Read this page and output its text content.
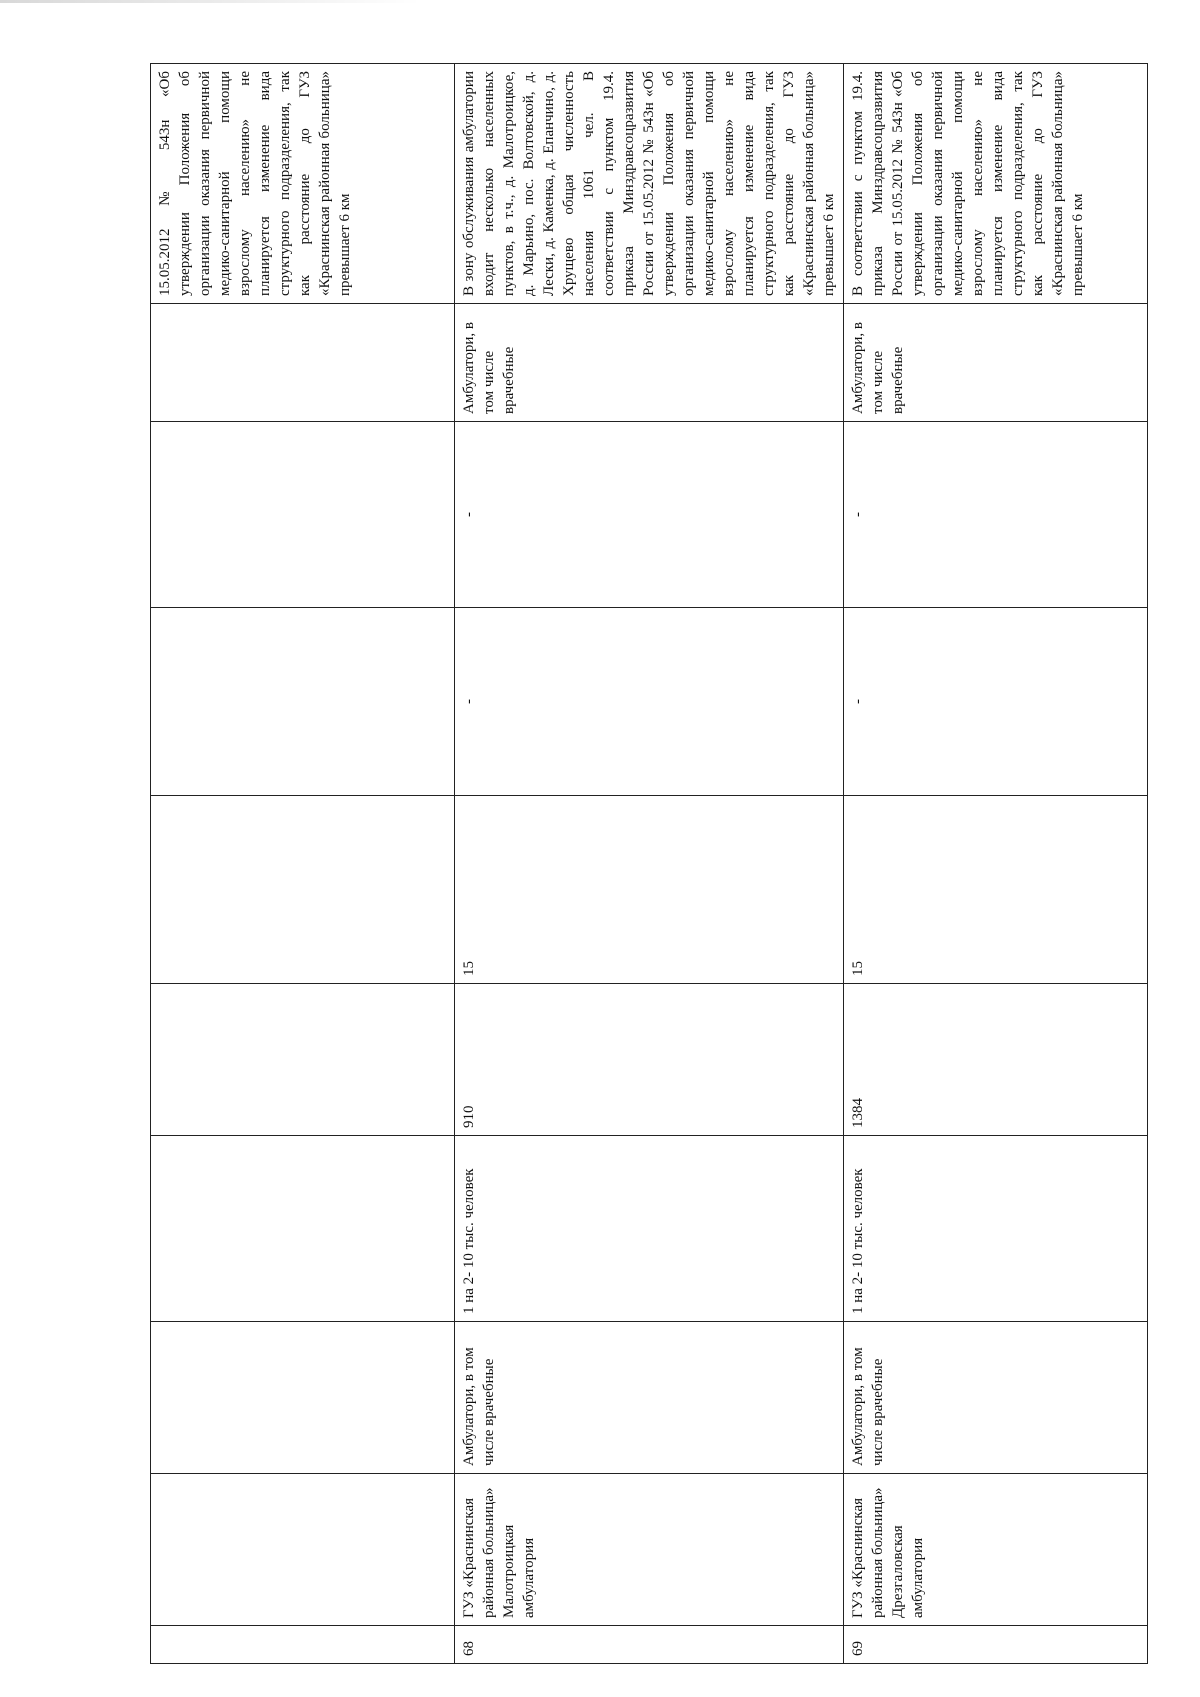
									15.05.2012 № 543н «Об утверждении Положения об организации оказания первичной медико-санитарной помощи взрослому населению» не планируется изменение вида структурного подразделения, так как расстояние до ГУЗ «Краснинская районная больница» превышает 6 км
68	ГУЗ «Краснинская районная больница» Малотроицкая амбулатория	Амбулатори, в том числе врачебные	1 на 2- 10 тыс. человек	910	15	-	-	Амбулатори, в том числе врачебные	В зону обслуживания амбулатории входит несколько населенных пунктов, в т.ч., д. Малотроицкое, д. Марьино, пос. Волтовской, д. Лески, д. Каменка, д. Епанчино, д. Хрущево общая численность населения 1061 чел. В соответствии с пунктом 19.4. приказа Минздравсоцразвития России от 15.05.2012 № 543н «Об утверждении Положения об организации оказания первичной медико-санитарной помощи взрослому населению» не планируется изменение вида структурного подразделения, так как расстояние до ГУЗ «Краснинская районная больница» превышает 6 км
69	ГУЗ «Краснинская районная больница» Дрезгаловская амбулатория	Амбулатори, в том числе врачебные	1 на 2- 10 тыс. человек	1384	15	-	-	Амбулатори, в том числе врачебные	В соответствии с пунктом 19.4. приказа Минздравсоцразвития России от 15.05.2012 № 543н «Об утверждении Положения об организации оказания первичной медико-санитарной помощи взрослому населению» не планируется изменение вида структурного подразделения, так как расстояние до ГУЗ «Краснинская районная больница» превышает 6 км
